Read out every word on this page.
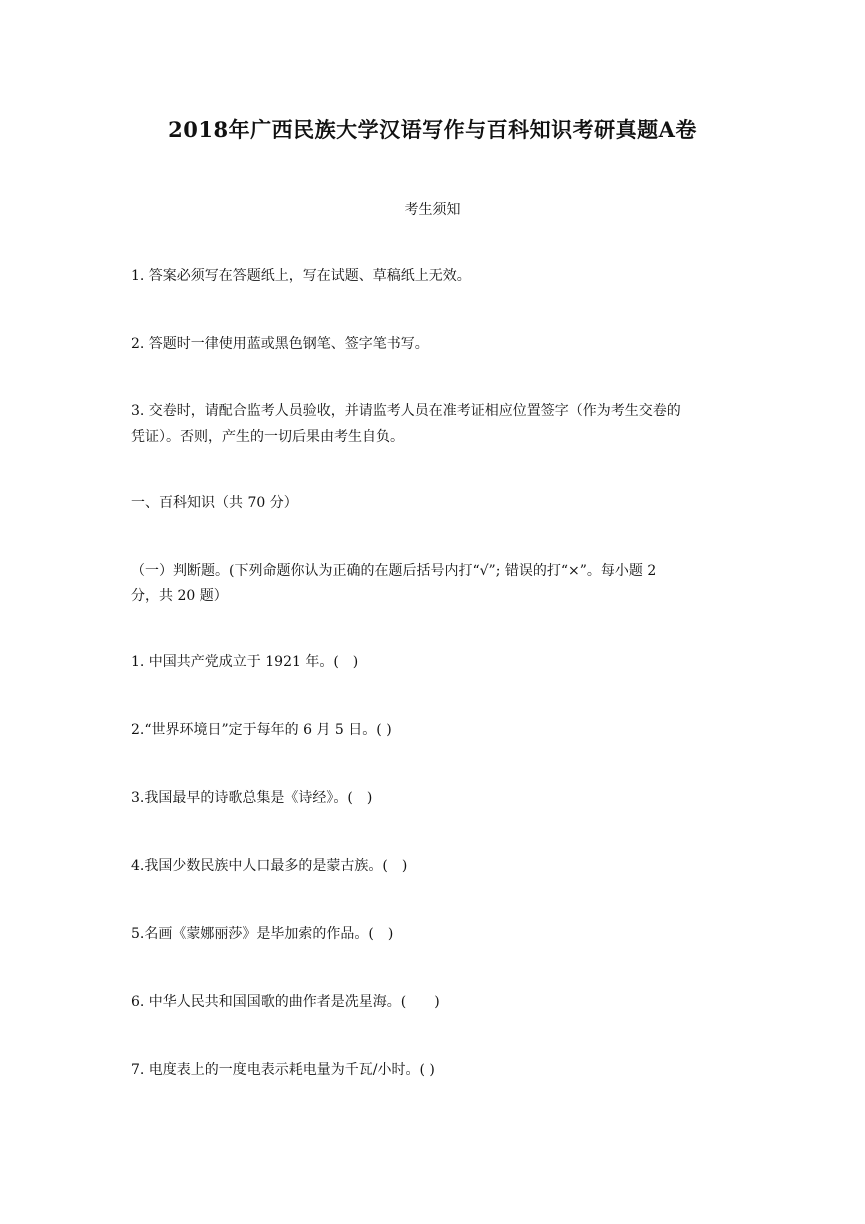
2018年广西民族大学汉语写作与百科知识考研真题A卷
考生须知
1. 答案必须写在答题纸上，写在试题、草稿纸上无效。
2. 答题时一律使用蓝或黑色钢笔、签字笔书写。
3. 交卷时，请配合监考人员验收，并请监考人员在准考证相应位置签字（作为考生交卷的
凭证）。否则，产生的一切后果由考生自负。
一、百科知识（共 70 分）
（一）判断题。(下列命题你认为正确的在题后括号内打“√”; 错误的打“×”。每小题 2
分，共 20 题）
1. 中国共产党成立于 1921 年。(　)
2.“世界环境日”定于每年的 6 月 5 日。( )
3.我国最早的诗歌总集是《诗经》。(　)
4.我国少数民族中人口最多的是蒙古族。(　)
5.名画《蒙娜丽莎》是毕加索的作品。(　)
6. 中华人民共和国国歌的曲作者是冼星海。(　　)
7. 电度表上的一度电表示耗电量为千瓦/小时。( )
